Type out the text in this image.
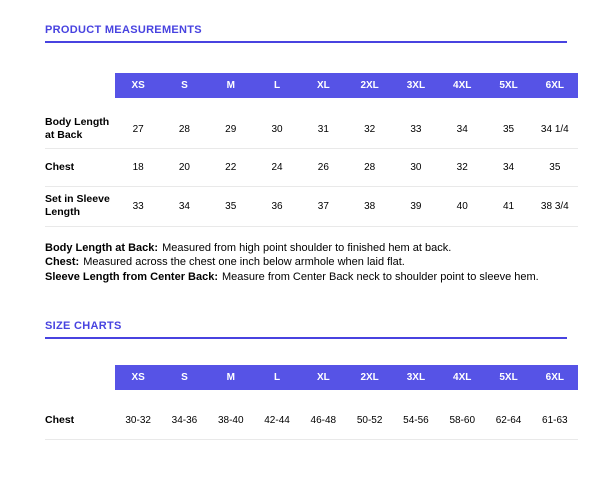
PRODUCT MEASUREMENTS
	XS	S	M	L	XL	2XL	3XL	4XL	5XL	6XL

Body Length at Back	27	28	29	30	31	32	33	34	35	34 1/4
Chest	18	20	22	24	26	28	30	32	34	35
Set in Sleeve Length	33	34	35	36	37	38	39	40	41	38 3/4
Body Length at Back: Measured from high point shoulder to finished hem at back.
Chest: Measured across the chest one inch below armhole when laid flat.
Sleeve Length from Center Back: Measure from Center Back neck to shoulder point to sleeve hem.
SIZE CHARTS
	XS	S	M	L	XL	2XL	3XL	4XL	5XL	6XL

Chest	30-32	34-36	38-40	42-44	46-48	50-52	54-56	58-60	62-64	61-63
